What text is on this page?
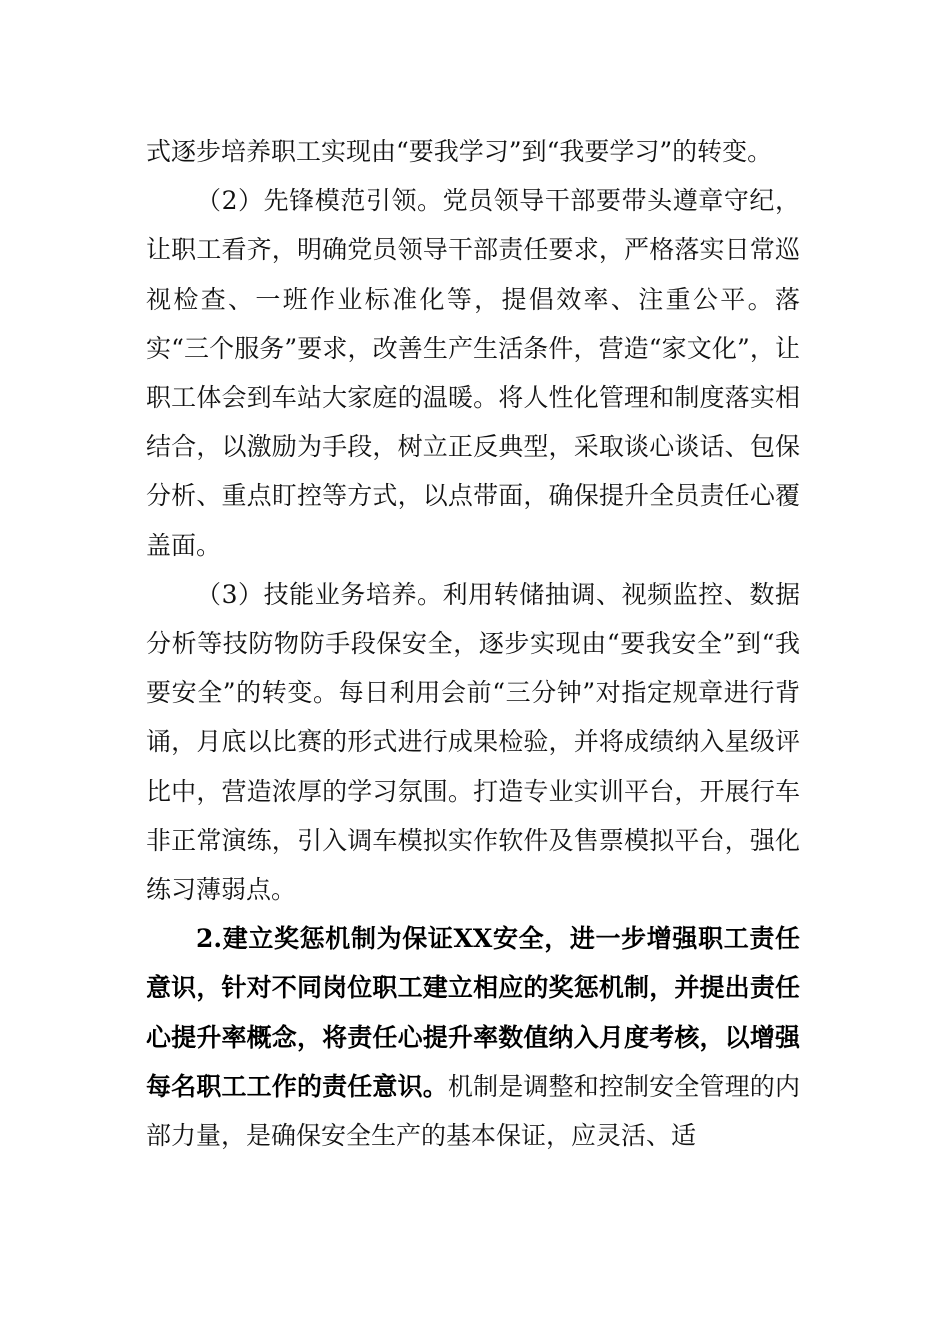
式逐步培养职工实现由“要我学习”到“我要学习”的转变。

（2）先锋模范引领。党员领导干部要带头遵章守纪，让职工看齐，明确党员领导干部责任要求，严格落实日常巡视检查、一班作业标准化等，提倡效率、注重公平。落实“三个服务”要求，改善生产生活条件，营造“家文化”，让职工体会到车站大家庭的温暖。将人性化管理和制度落实相结合，以激励为手段，树立正反典型，采取谈心谈话、包保分析、重点盯控等方式，以点带面，确保提升全员责任心覆盖面。

（3）技能业务培养。利用转储抽调、视频监控、数据分析等技防物防手段保安全，逐步实现由“要我安全”到“我要安全”的转变。每日利用会前“三分钟”对指定规章进行背诵，月底以比赛的形式进行成果检验，并将成绩纳入星级评比中，营造浓厚的学习氛围。打造专业实训平台，开展行车非正常演练，引入调车模拟实作软件及售票模拟平台，强化练习薄弱点。

2.建立奖惩机制为保证XX安全，进一步增强职工责任意识，针对不同岗位职工建立相应的奖惩机制，并提出责任心提升率概念，将责任心提升率数值纳入月度考核，以增强每名职工工作的责任意识。机制是调整和控制安全管理的内部力量，是确保安全生产的基本保证，应灵活、适
